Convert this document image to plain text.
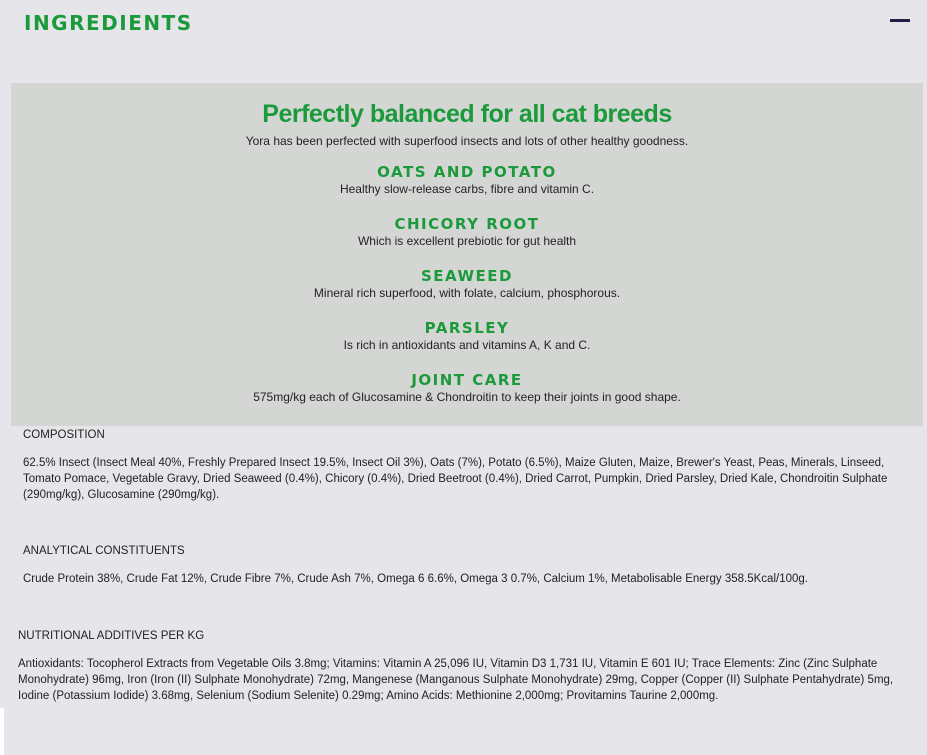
INGREDIENTS
Perfectly balanced for all cat breeds
Yora has been perfected with superfood insects and lots of other healthy goodness.
OATS AND POTATO
Healthy slow-release carbs, fibre and vitamin C.
CHICORY ROOT
Which is excellent prebiotic for gut health
SEAWEED
Mineral rich superfood, with folate, calcium, phosphorous.
PARSLEY
Is rich in antioxidants and vitamins A, K and C.
JOINT CARE
575mg/kg each of Glucosamine & Chondroitin to keep their joints in good shape.
COMPOSITION
62.5% Insect (Insect Meal 40%, Freshly Prepared Insect 19.5%, Insect Oil 3%), Oats (7%), Potato (6.5%), Maize Gluten, Maize, Brewer's Yeast, Peas, Minerals, Linseed, Tomato Pomace, Vegetable Gravy, Dried Seaweed (0.4%), Chicory (0.4%), Dried Beetroot (0.4%), Dried Carrot, Pumpkin, Dried Parsley, Dried Kale, Chondroitin Sulphate (290mg/kg), Glucosamine (290mg/kg).
ANALYTICAL CONSTITUENTS
Crude Protein 38%, Crude Fat 12%, Crude Fibre 7%, Crude Ash 7%, Omega 6 6.6%, Omega 3 0.7%, Calcium 1%, Metabolisable Energy 358.5Kcal/100g.
NUTRITIONAL ADDITIVES PER KG
Antioxidants: Tocopherol Extracts from Vegetable Oils 3.8mg; Vitamins: Vitamin A 25,096 IU, Vitamin D3 1,731 IU, Vitamin E 601 IU; Trace Elements: Zinc (Zinc Sulphate Monohydrate) 96mg, Iron (Iron (II) Sulphate Monohydrate) 72mg, Mangenese (Manganous Sulphate Monohydrate) 29mg, Copper (Copper (II) Sulphate Pentahydrate) 5mg, Iodine (Potassium Iodide) 3.68mg, Selenium (Sodium Selenite) 0.29mg; Amino Acids: Methionine 2,000mg; Provitamins Taurine 2,000mg.
